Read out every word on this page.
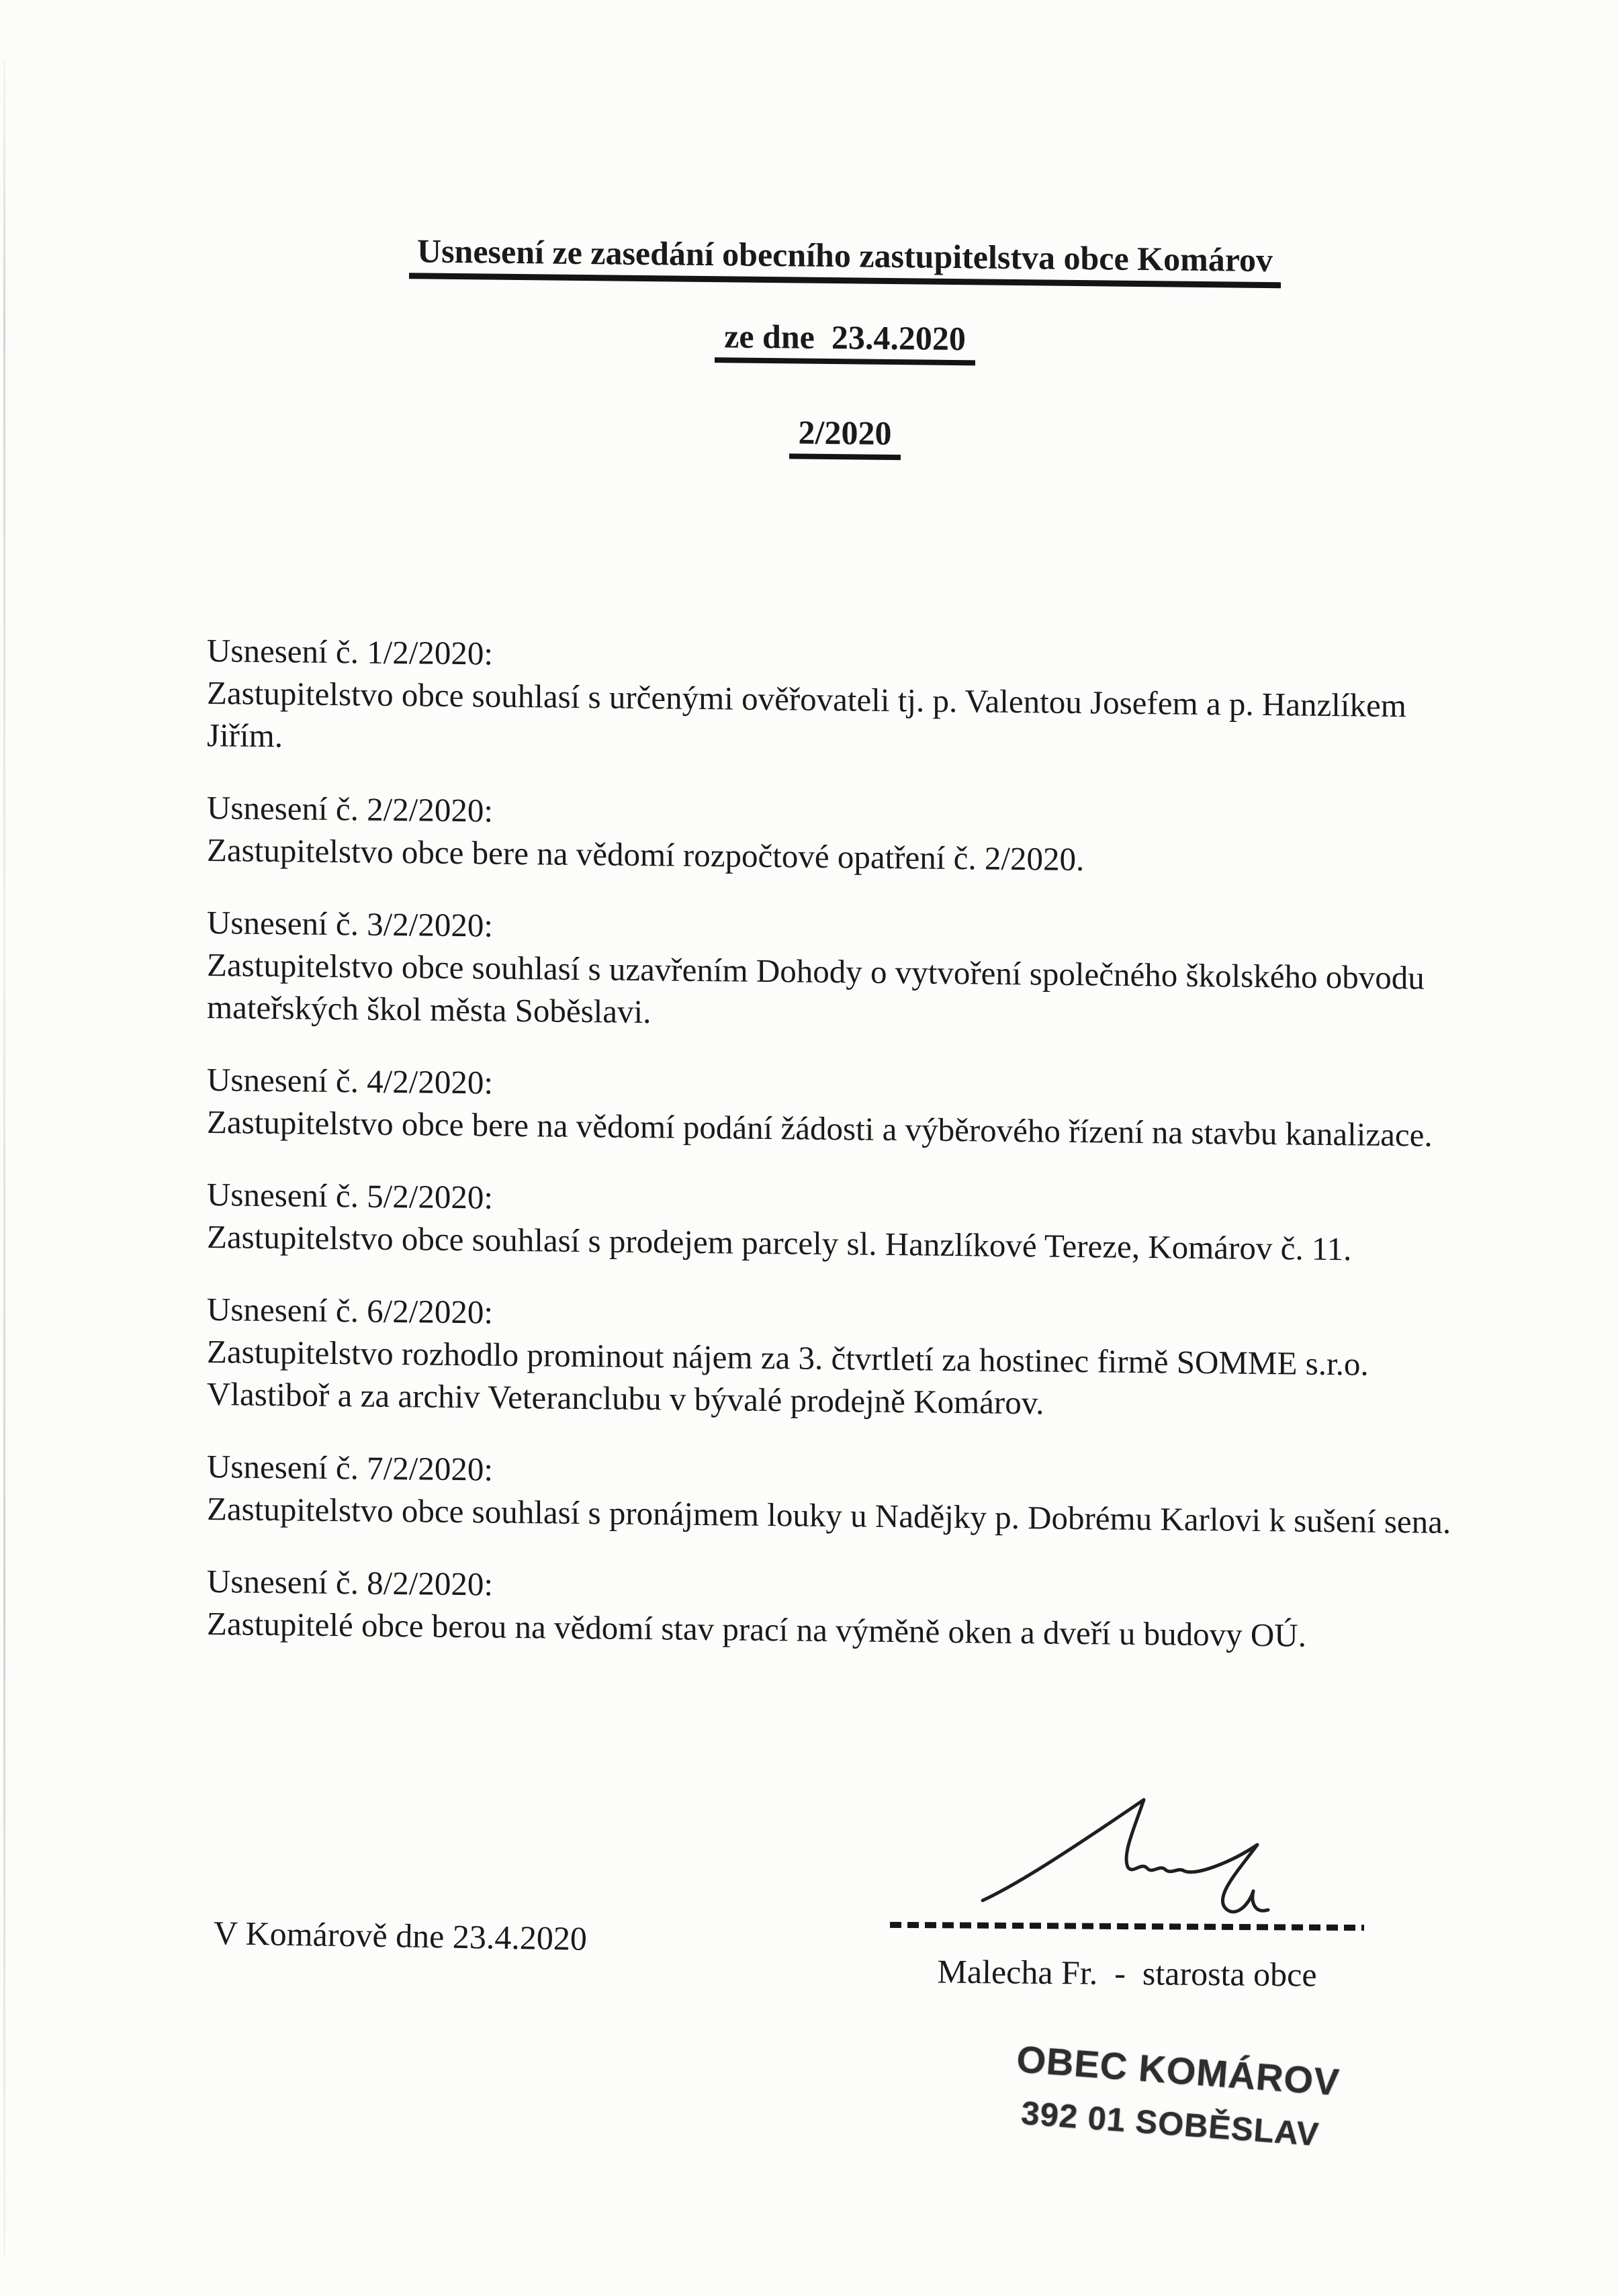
Usnesení ze zasedání obecního zastupitelstva obce Komárov
ze dne  23.4.2020
2/2020
Usnesení č. 1/2/2020:
Zastupitelstvo obce souhlasí s určenými ověřovateli tj. p. Valentou Josefem a p. Hanzlíkem Jiřím.
Usnesení č. 2/2/2020:
Zastupitelstvo obce bere na vědomí rozpočtové opatření č. 2/2020.
Usnesení č. 3/2/2020:
Zastupitelstvo obce souhlasí s uzavřením Dohody o vytvoření společného školského obvodu mateřských škol města Soběslavi.
Usnesení č. 4/2/2020:
Zastupitelstvo obce bere na vědomí podání žádosti a výběrového řízení na stavbu kanalizace.
Usnesení č. 5/2/2020:
Zastupitelstvo obce souhlasí s prodejem parcely sl. Hanzlíkové Tereze, Komárov č. 11.
Usnesení č. 6/2/2020:
Zastupitelstvo rozhodlo prominout nájem za 3. čtvrtletí za hostinec firmě SOMME s.r.o. Vlastiboř a za archiv Veteranclubu v bývalé prodejně Komárov.
Usnesení č. 7/2/2020:
Zastupitelstvo obce souhlasí s pronájmem louky u Nadějky p. Dobrému Karlovi k sušení sena.
Usnesení č. 8/2/2020:
Zastupitelé obce berou na vědomí stav prací na výměně oken a dveří u budovy OÚ.
V Komárově dne 23.4.2020
Malecha Fr.  -  starosta obce
OBEC KOMÁROV
392 01 SOBĚSLAV
